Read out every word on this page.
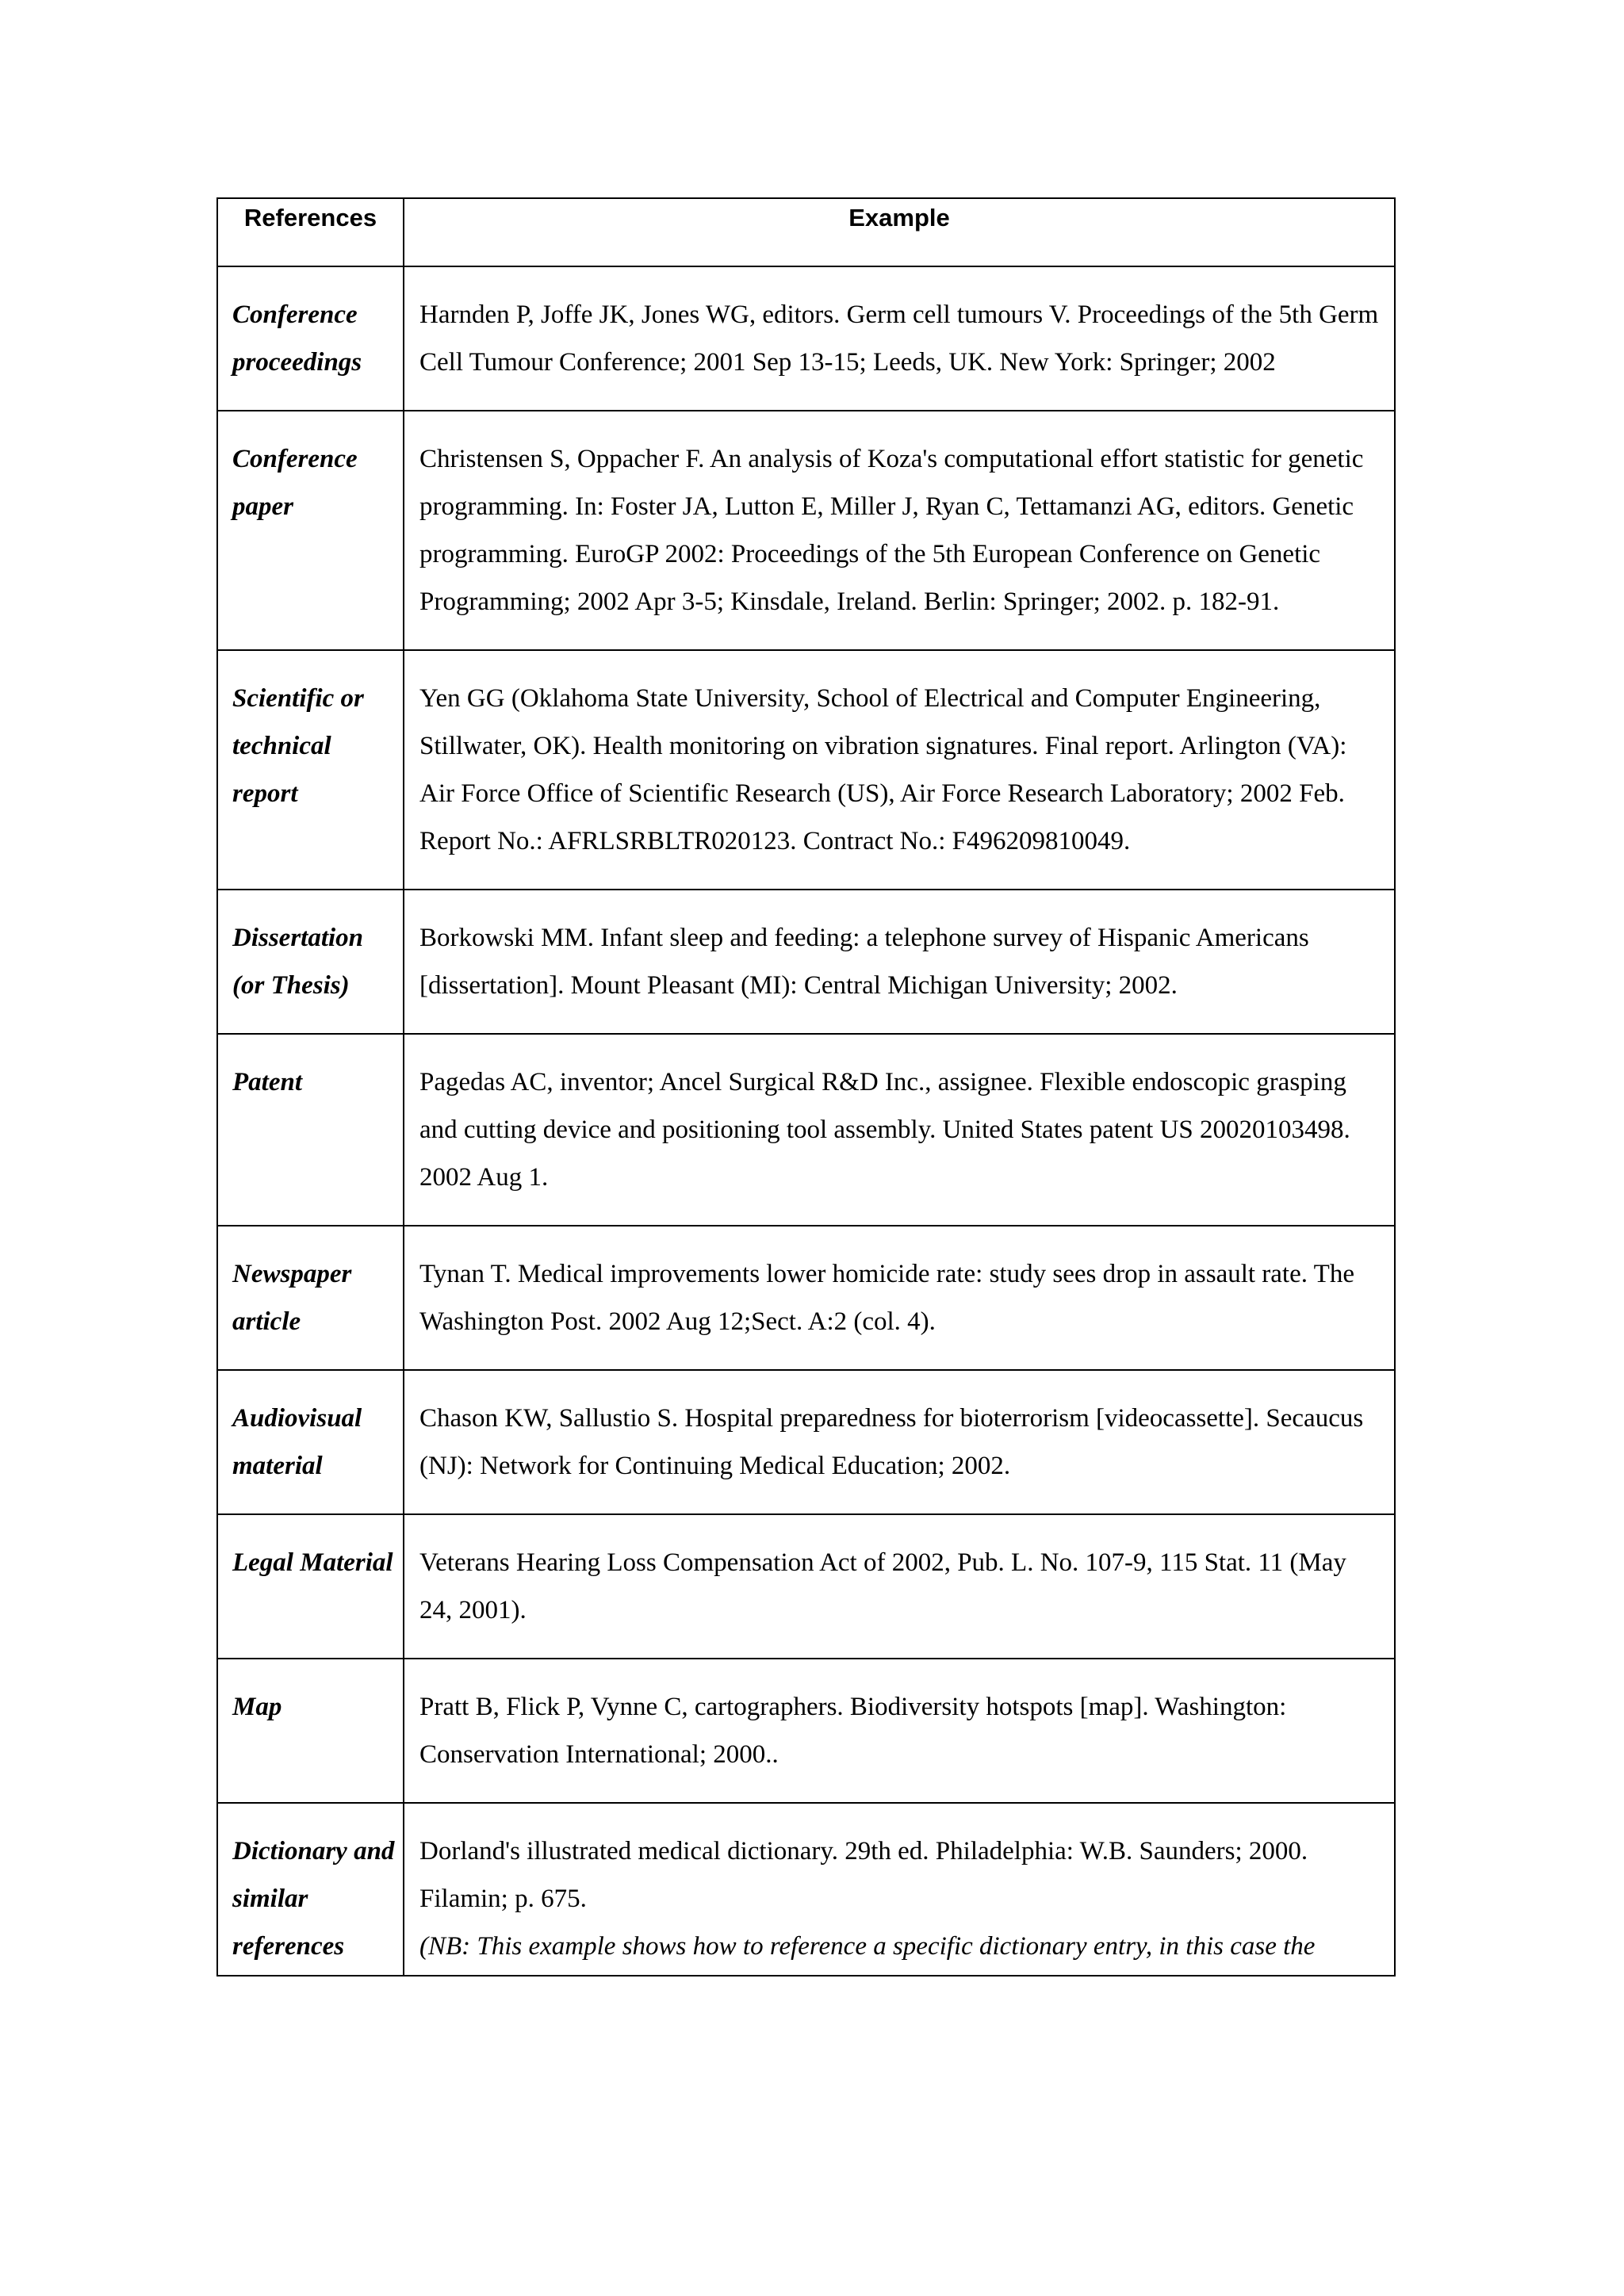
References	Example

Conference proceedings	Harnden P, Joffe JK, Jones WG, editors. Germ cell tumours V. Proceedings of the 5th Germ Cell Tumour Conference; 2001 Sep 13-15; Leeds, UK. New York: Springer; 2002
Conference paper	Christensen S, Oppacher F. An analysis of Koza's computational effort statistic for genetic programming. In: Foster JA, Lutton E, Miller J, Ryan C, Tettamanzi AG, editors. Genetic programming. EuroGP 2002: Proceedings of the 5th European Conference on Genetic Programming; 2002 Apr 3-5; Kinsdale, Ireland. Berlin: Springer; 2002. p. 182-91.
Scientific or technical report	Yen GG (Oklahoma State University, School of Electrical and Computer Engineering, Stillwater, OK). Health monitoring on vibration signatures. Final report. Arlington (VA): Air Force Office of Scientific Research (US), Air Force Research Laboratory; 2002 Feb. Report No.: AFRLSRBLTR020123. Contract No.: F496209810049.
Dissertation (or Thesis)	Borkowski MM. Infant sleep and feeding: a telephone survey of Hispanic Americans [dissertation]. Mount Pleasant (MI): Central Michigan University; 2002.
Patent	Pagedas AC, inventor; Ancel Surgical R&D Inc., assignee. Flexible endoscopic grasping and cutting device and positioning tool assembly. United States patent US 20020103498. 2002 Aug 1.
Newspaper article	Tynan T. Medical improvements lower homicide rate: study sees drop in assault rate. The Washington Post. 2002 Aug 12;Sect. A:2 (col. 4).
Audiovisual material	Chason KW, Sallustio S. Hospital preparedness for bioterrorism [videocassette]. Secaucus (NJ): Network for Continuing Medical Education; 2002.
Legal Material	Veterans Hearing Loss Compensation Act of 2002, Pub. L. No. 107-9, 115 Stat. 11 (May 24, 2001).
Map	Pratt B, Flick P, Vynne C, cartographers. Biodiversity hotspots [map]. Washington: Conservation International; 2000..
Dictionary and similar references	Dorland's illustrated medical dictionary. 29th ed. Philadelphia: W.B. Saunders; 2000. Filamin; p. 675.
(NB: This example shows how to reference a specific dictionary entry, in this case the
